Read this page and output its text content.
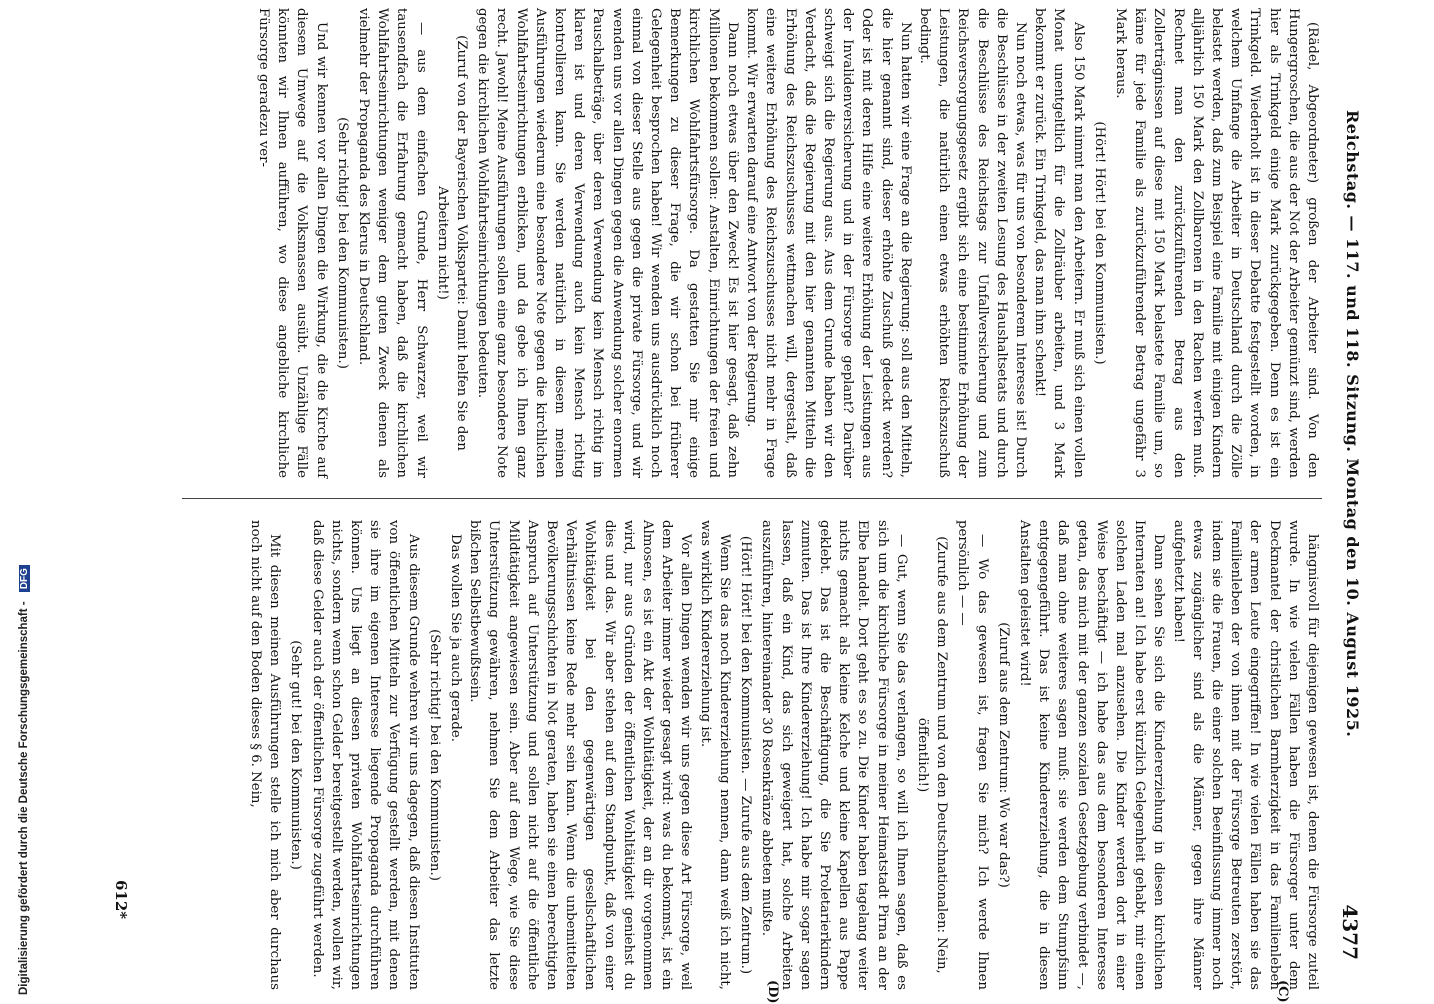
Digitalisierung gefördert durch die Deutsche Forschungsgemeinschaft - DFG	Reichstag. — 117. und 118. Sitzung. Montag den 10. August 1925.
4377
(C)
(D)

(Rädel, Abgeordneter) großen der Arbeiter sind. Von den Hungergroschen, die aus der Not der Arbeiter gemünzt sind, werden hier als Trinkgeld einige Mark zurückgegeben. Denn es ist ein Trinkgeld. Wiederholt ist in dieser Debatte festgestellt worden, in welchem Umfange die Arbeiter in Deutschland durch die Zölle belastet werden, daß zum Beispiel eine Familie mit einigen Kindern alljährlich 150 Mark den Zollbaronen in den Rachen werfen muß. Rechnet man den zurückzuführenden Betrag aus den Zollerträgnissen auf diese mit 150 Mark belastete Familie um, so käme für jede Familie als zurückzuführender Betrag ungefähr 3 Mark heraus.

(Hört! Hört! bei den Kommunisten.)

Also 150 Mark nimmt man den Arbeitern. Er muß sich einen vollen Monat unentgeltlich für die Zollräuber arbeiten, und 3 Mark bekommt er zurück. Ein Trinkgeld, das man ihm schenkt!

Nun noch etwas, was für uns von besonderem Interesse ist! Durch die Beschlüsse in der zweiten Lesung des Haushaltsetats und durch die Beschlüsse des Reichstags zur Unfallversicherung und zum Reichsversorgungsgesetz ergibt sich eine bestimmte Erhöhung der Leistungen, die natürlich einen etwas erhöhten Reichszuschuß bedingt.

Nun hatten wir eine Frage an die Regierung: soll aus den Mitteln, die hier genannt sind, dieser erhöhte Zuschuß gedeckt werden? Oder ist mit deren Hilfe eine weitere Erhöhung der Leistungen aus der Invalidenversicherung und in der Fürsorge geplant? Darüber schweigt sich die Regierung aus. Aus dem Grunde haben wir den Verdacht, daß die Regierung mit den hier genannten Mitteln die Erhöhung des Reichszuschusses wettmachen will, dergestalt, daß eine weitere Erhöhung des Reichszuschusses nicht mehr in Frage kommt. Wir erwarten darauf eine Antwort von der Regierung.

Dann noch etwas über den Zweck! Es ist hier gesagt, daß zehn Millionen bekommen sollen: Anstalten, Einrichtungen der freien und kirchlichen Wohlfahrtsfürsorge. Da gestatten Sie mir einige Bemerkungen zu dieser Frage, die wir schon bei früherer Gelegenheit besprochen haben! Wir wenden uns ausdrücklich noch einmal von dieser Stelle aus gegen die private Fürsorge, und wir wenden uns vor allen Dingen gegen die Anwendung solcher enormen Pauschalbeträge, über deren Verwendung kein Mensch richtig im klaren ist und deren Verwendung auch kein Mensch richtig kontrollieren kann. Sie werden natürlich in diesem meinen Ausführungen wiederum eine besondere Note gegen die kirchlichen Wohlfahrtseinrichtungen erblicken, und da gebe ich Ihnen ganz recht. Jawohl! Meine Ausführungen sollen eine ganz besondere Note gegen die kirchlichen Wohlfahrtseinrichtungen bedeuten.

(Zuruf von der Bayerischen Volkspartei: Damit helfen Sie den Arbeitern nicht!)

— aus dem einfachen Grunde, Herr Schwarzer, weil wir tausendfach die Erfahrung gemacht haben, daß die kirchlichen Wohlfahrtseinrichtungen weniger dem guten Zweck dienen als vielmehr der Propaganda des Klerus in Deutschland.

(Sehr richtig! bei den Kommunisten.)

Und wir kennen vor allen Dingen die Wirkung, die die Kirche auf diesem Umwege auf die Volksmassen ausübt. Unzählige Fälle könnten wir Ihnen aufführen, wo diese angebliche kirchliche Fürsorge geradezu ver-

hängnisvoll für diejenigen gewesen ist, denen die Fürsorge zuteil wurde. In wie vielen Fällen haben die Fürsorger unter dem Deckmantel der christlichen Barmherzigkeit in das Familienleben der armen Leute eingegriffen! In wie vielen Fällen haben sie das Familienleben der von ihnen mit der Fürsorge Betreuten zerstört, indem sie die Frauen, die einer solchen Beeinflussung immer noch etwas zugänglicher sind als die Männer, gegen ihre Männer aufgehetzt haben!

Dann sehen Sie sich die Kindererziehung in diesen kirchlichen Internaten an! Ich habe erst kürzlich Gelegenheit gehabt, mir einen solchen Laden mal anzusehen. Die Kinder werden dort in einer Weise beschäftigt — ich habe das aus dem besonderen Interesse getan, das mich mit der ganzen sozialen Gesetzgebung verbindet —, daß man ohne weiteres sagen muß: sie werden dem Stumpfsinn entgegengeführt. Das ist keine Kindererziehung, die in diesen Anstalten geleistet wird!

(Zuruf aus dem Zentrum: Wo war das?)

— Wo das gewesen ist, fragen Sie mich? Ich werde Ihnen persönlich — —

(Zurufe aus dem Zentrum und von den Deutschnationalen: Nein, öffentlich!)

— Gut, wenn Sie das verlangen, so will ich Ihnen sagen, daß es sich um die kirchliche Fürsorge in meiner Heimatstadt Pirna an der Elbe handelt. Dort geht es so zu. Die Kinder haben tagelang weiter nichts gemacht als kleine Kelche und kleine Kapellen aus Pappe geklebt. Das ist die Beschäftigung, die Sie Proletarierkindern zumuten. Das ist Ihre Kindererziehung! Ich habe mir sogar sagen lassen, daß ein Kind, das sich geweigert hat, solche Arbeiten auszuführen, hintereinander 30 Rosenkränze abbeten mußte.

(Hört! Hört! bei den Kommunisten. — Zurufe aus dem Zentrum.)

Wenn Sie das noch Kindererziehung nennen, dann weiß ich nicht, was wirklich Kindererziehung ist.

Vor allen Dingen wenden wir uns gegen diese Art Fürsorge, weil dem Arbeiter immer wieder gesagt wird: was du bekommst, ist ein Almosen, es ist ein Akt der Wohltätigkeit, der an dir vorgenommen wird, nur aus Gründen der öffentlichen Wohltätigkeit geniehst du dies und das. Wir aber stehen auf dem Standpunkt, daß von einer Wohltätigkeit bei den gegenwärtigen gesellschaftlichen Verhältnissen keine Rede mehr sein kann. Wenn die unbemittelten Bevölkerungsschichten in Not geraten, haben sie einen berechtigten Anspruch auf Unterstützung und sollen nicht auf die öffentliche Mildtätigkeit angewiesen sein. Aber auf dem Wege, wie Sie diese Unterstützung gewähren, nehmen Sie dem Arbeiter das letzte bißchen Selbstbewußtsein.

Das wollen Sie ja auch gerade.

(Sehr richtig! bei den Kommunisten.)

Aus diesem Grunde wehren wir uns dagegen, daß diesen Instituten von öffentlichen Mitteln zur Verfügung gestellt werden, mit denen sie ihre im eigenen Interesse liegende Propaganda durchführen können. Uns liegt an diesen privaten Wohlfahrtseinrichtungen nichts, sondern wenn schon Gelder bereitgestellt werden, wollen wir, daß diese Gelder auch der öffentlichen Fürsorge zugeführt werden.

(Sehr gut! bei den Kommunisten.)

Mit diesen meinen Ausführungen stelle ich mich aber durchaus noch nicht auf den Boden dieses § 6. Nein,

612*
